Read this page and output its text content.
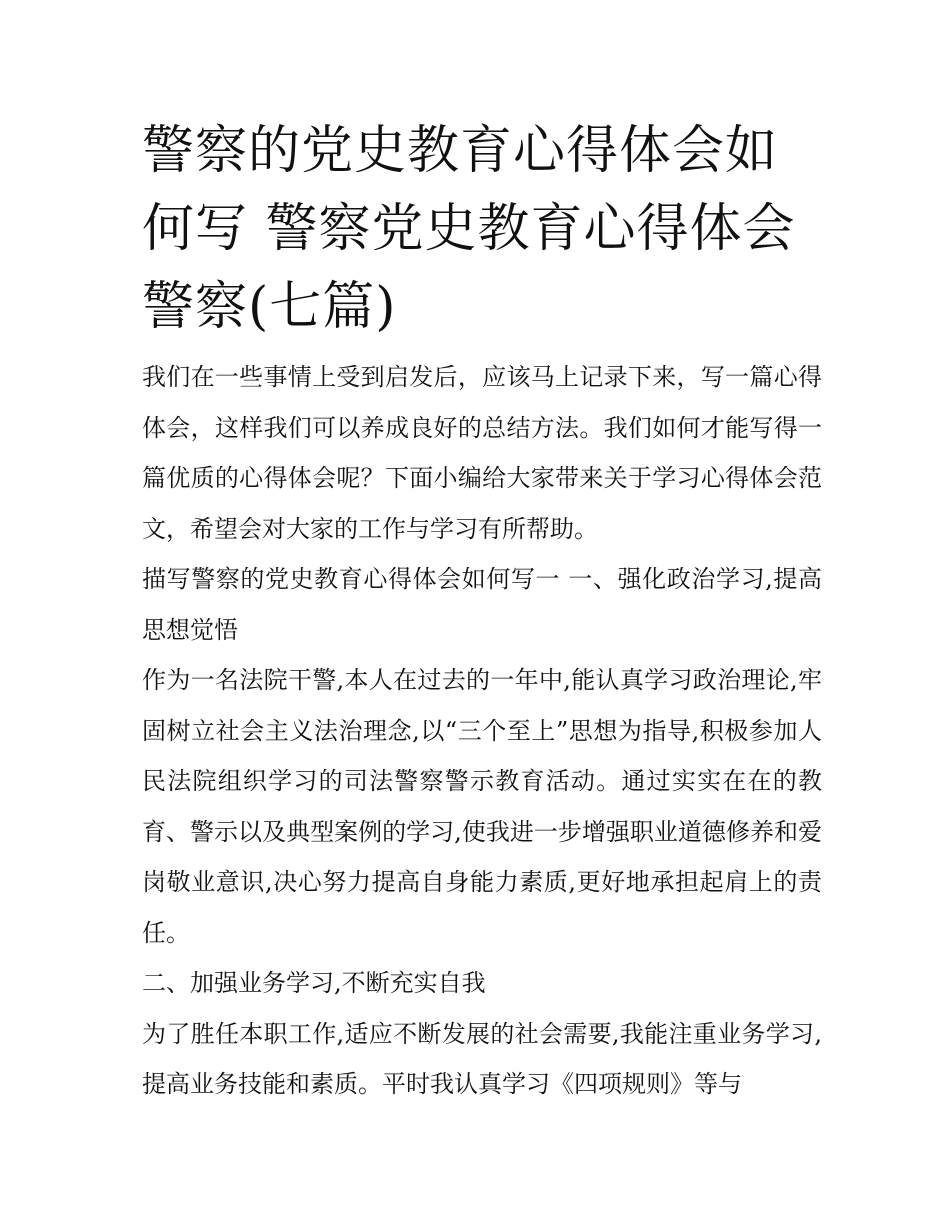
警察的党史教育心得体会如何写 警察党史教育心得体会警察(七篇)

我们在一些事情上受到启发后，应该马上记录下来，写一篇心得体会，这样我们可以养成良好的总结方法。我们如何才能写得一篇优质的心得体会呢？下面小编给大家带来关于学习心得体会范文，希望会对大家的工作与学习有所帮助。

描写警察的党史教育心得体会如何写一 一、强化政治学习,提高思想觉悟

作为一名法院干警,本人在过去的一年中,能认真学习政治理论,牢固树立社会主义法治理念,以“三个至上”思想为指导,积极参加人民法院组织学习的司法警察警示教育活动。通过实实在在的教育、警示以及典型案例的学习,使我进一步增强职业道德修养和爱岗敬业意识,决心努力提高自身能力素质,更好地承担起肩上的责任。

二、加强业务学习,不断充实自我

为了胜任本职工作,适应不断发展的社会需要,我能注重业务学习,提高业务技能和素质。平时我认真学习《四项规则》等与
